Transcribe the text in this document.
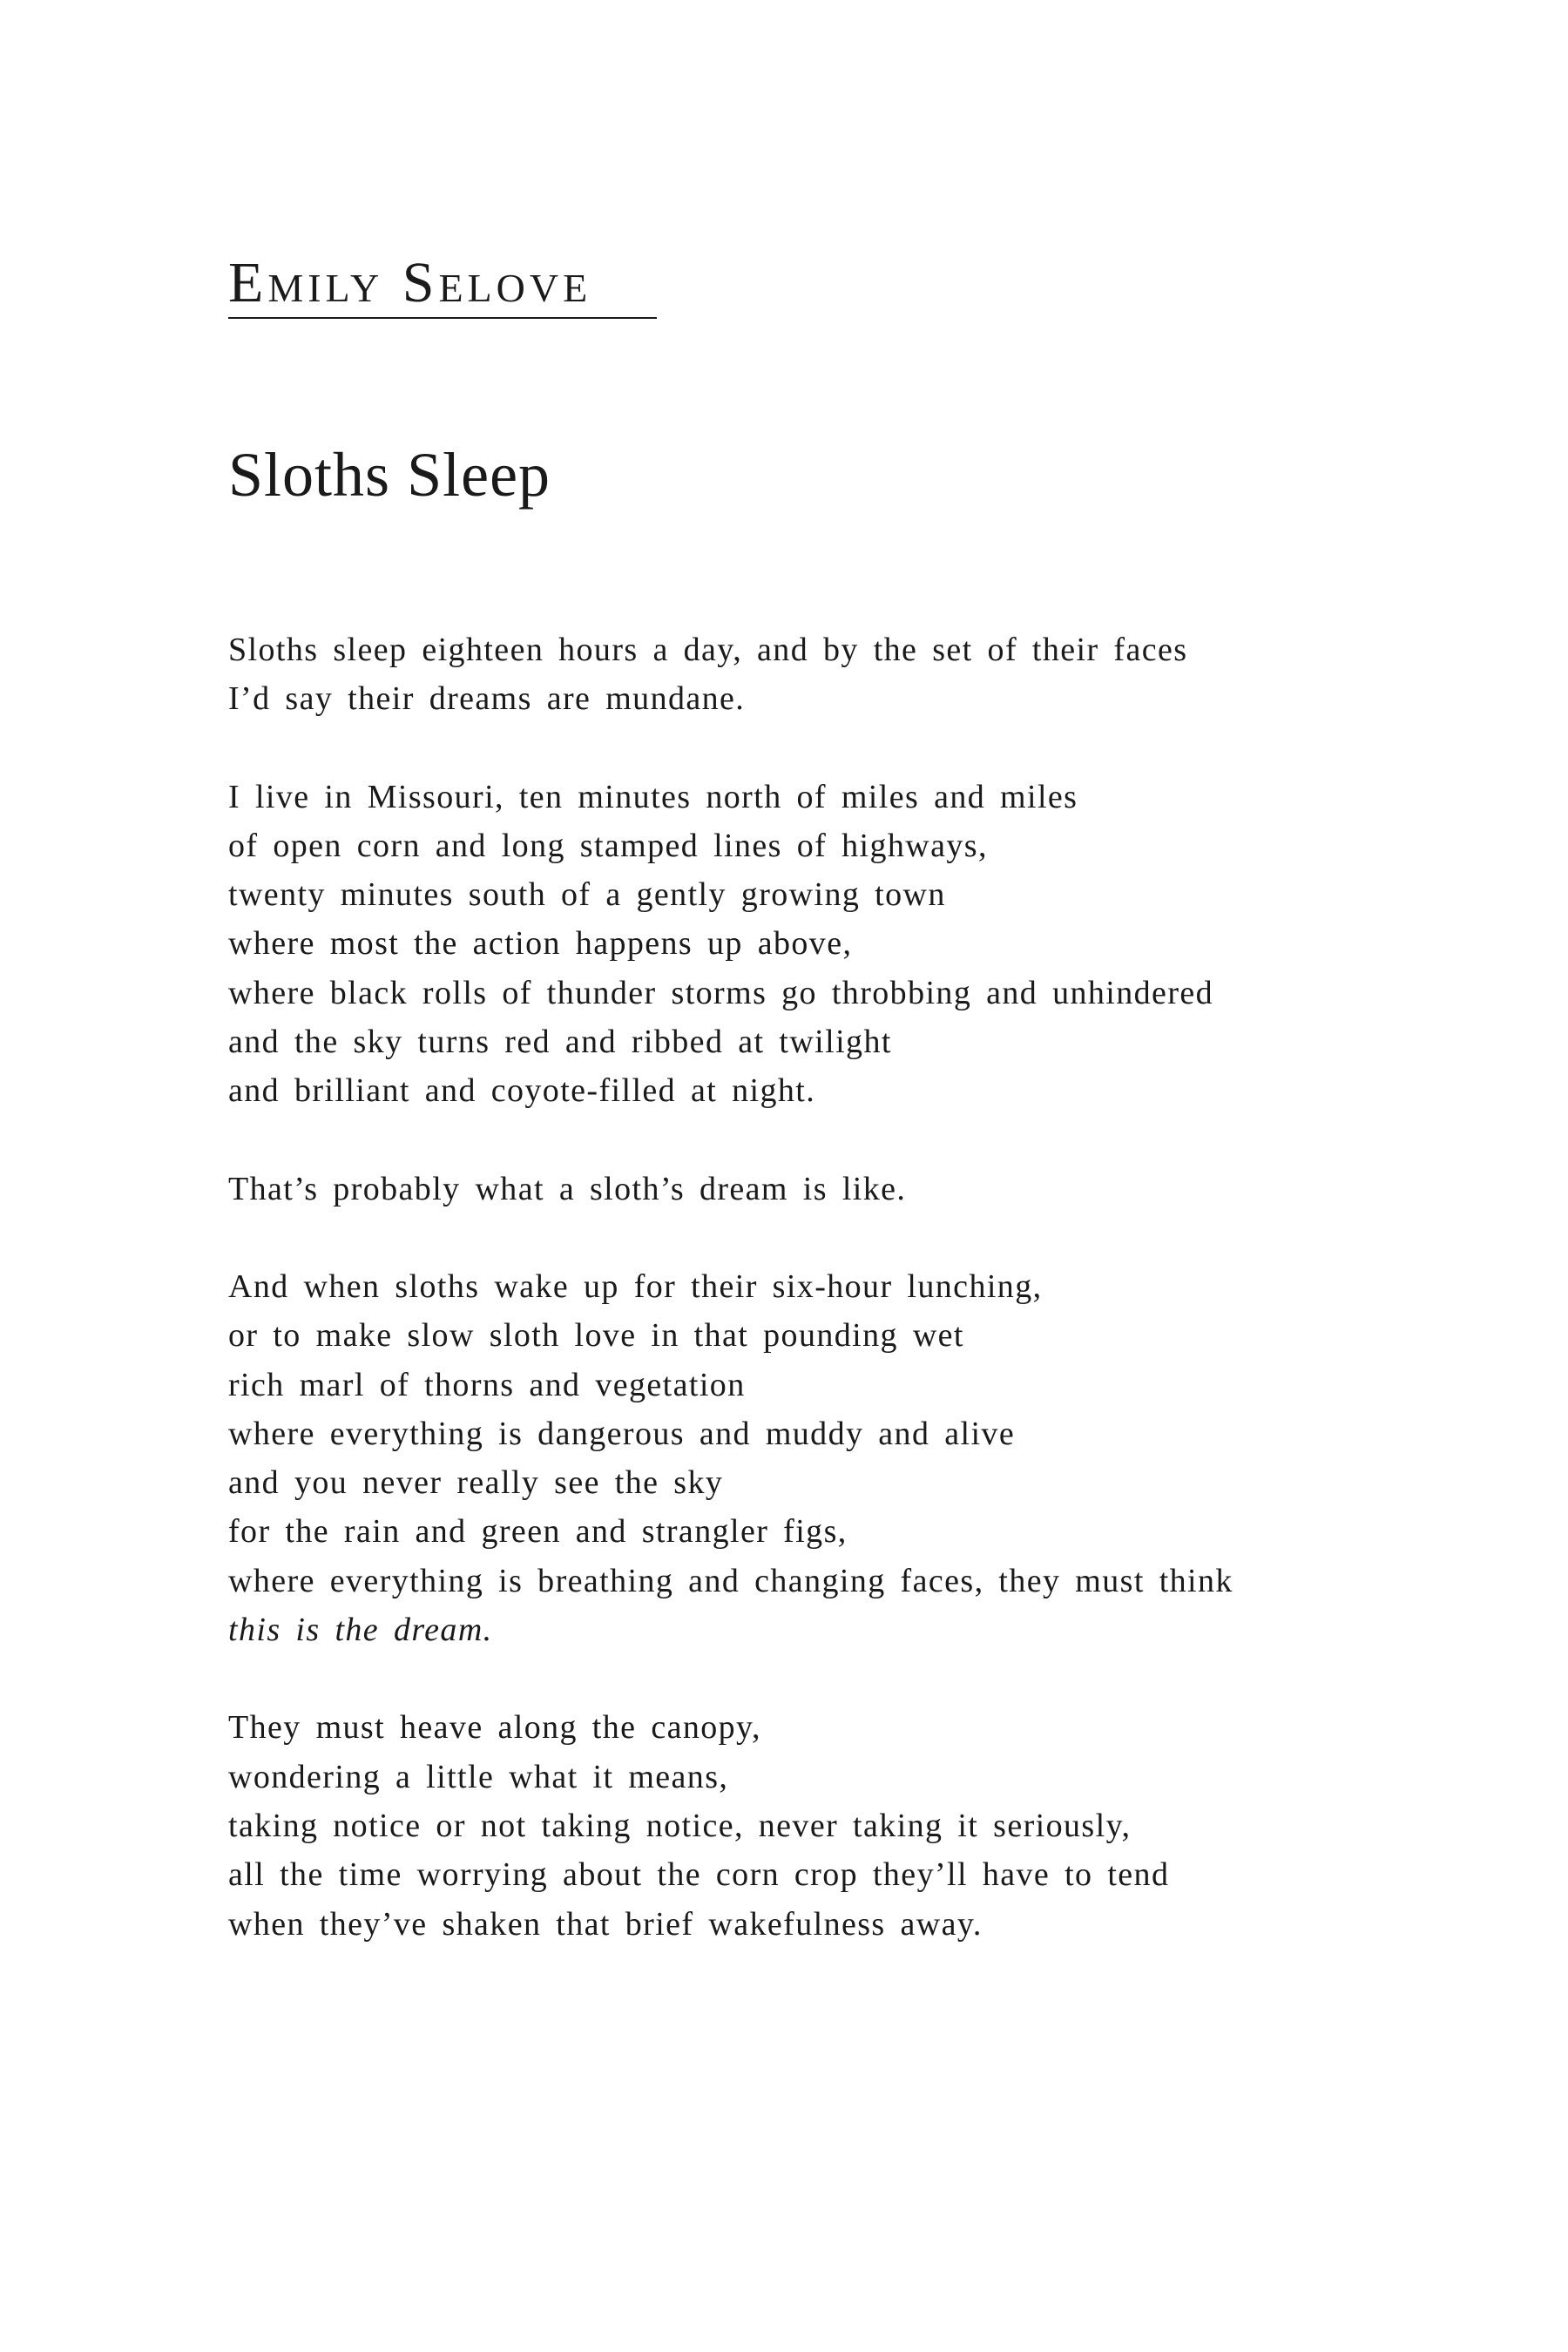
Emily Selove
Sloths Sleep
Sloths sleep eighteen hours a day, and by the set of their faces
I’d say their dreams are mundane.
I live in Missouri, ten minutes north of miles and miles
of open corn and long stamped lines of highways,
twenty minutes south of a gently growing town
where most the action happens up above,
where black rolls of thunder storms go throbbing and unhindered
and the sky turns red and ribbed at twilight
and brilliant and coyote-filled at night.
That’s probably what a sloth’s dream is like.
And when sloths wake up for their six-hour lunching,
or to make slow sloth love in that pounding wet
rich marl of thorns and vegetation
where everything is dangerous and muddy and alive
and you never really see the sky
for the rain and green and strangler figs,
where everything is breathing and changing faces, they must think
this is the dream.
They must heave along the canopy,
wondering a little what it means,
taking notice or not taking notice, never taking it seriously,
all the time worrying about the corn crop they’ll have to tend
when they’ve shaken that brief wakefulness away.
